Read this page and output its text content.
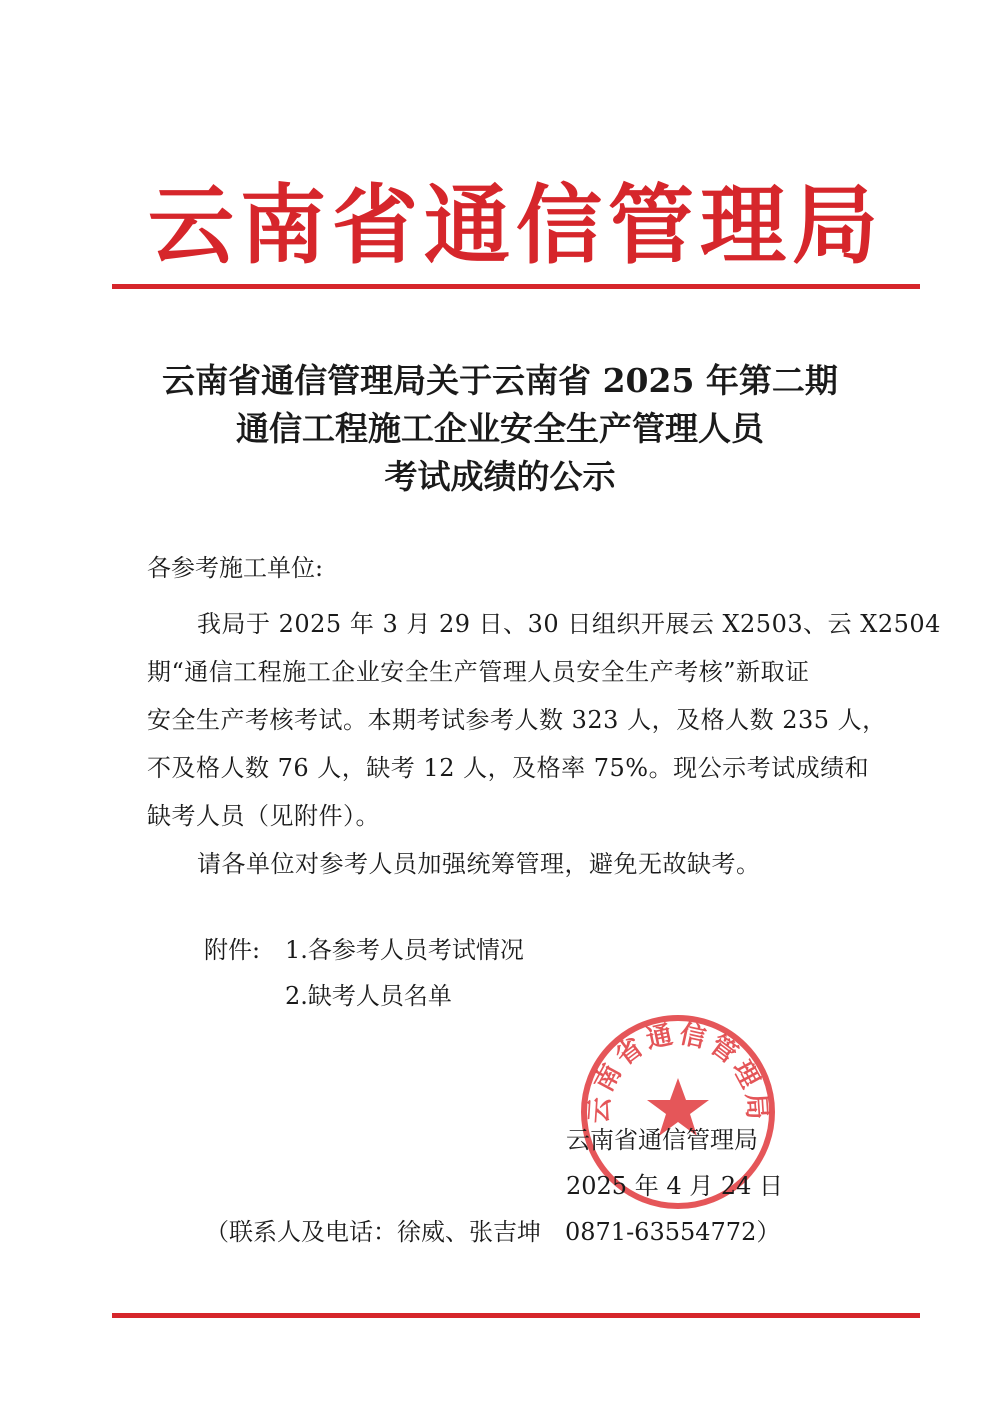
云南省通信管理局
云南省通信管理局关于云南省 2025 年第二期
通信工程施工企业安全生产管理人员
考试成绩的公示
各参考施工单位:
我局于 2025 年 3 月 29 日、30 日组织开展云 X2503、云 X2504
期“通信工程施工企业安全生产管理人员安全生产考核”新取证
安全生产考核考试。本期考试参考人数 323 人，及格人数 235 人，
不及格人数 76 人，缺考 12 人，及格率 75%。现公示考试成绩和
缺考人员（见附件）。
请各单位对参考人员加强统筹管理，避免无故缺考。
附件: 1.各参考人员考试情况
2.缺考人员名单
云南省通信管理局
云南省通信管理局
2025 年 4 月 24 日
（联系人及电话：徐威、张吉坤　0871-63554772）
